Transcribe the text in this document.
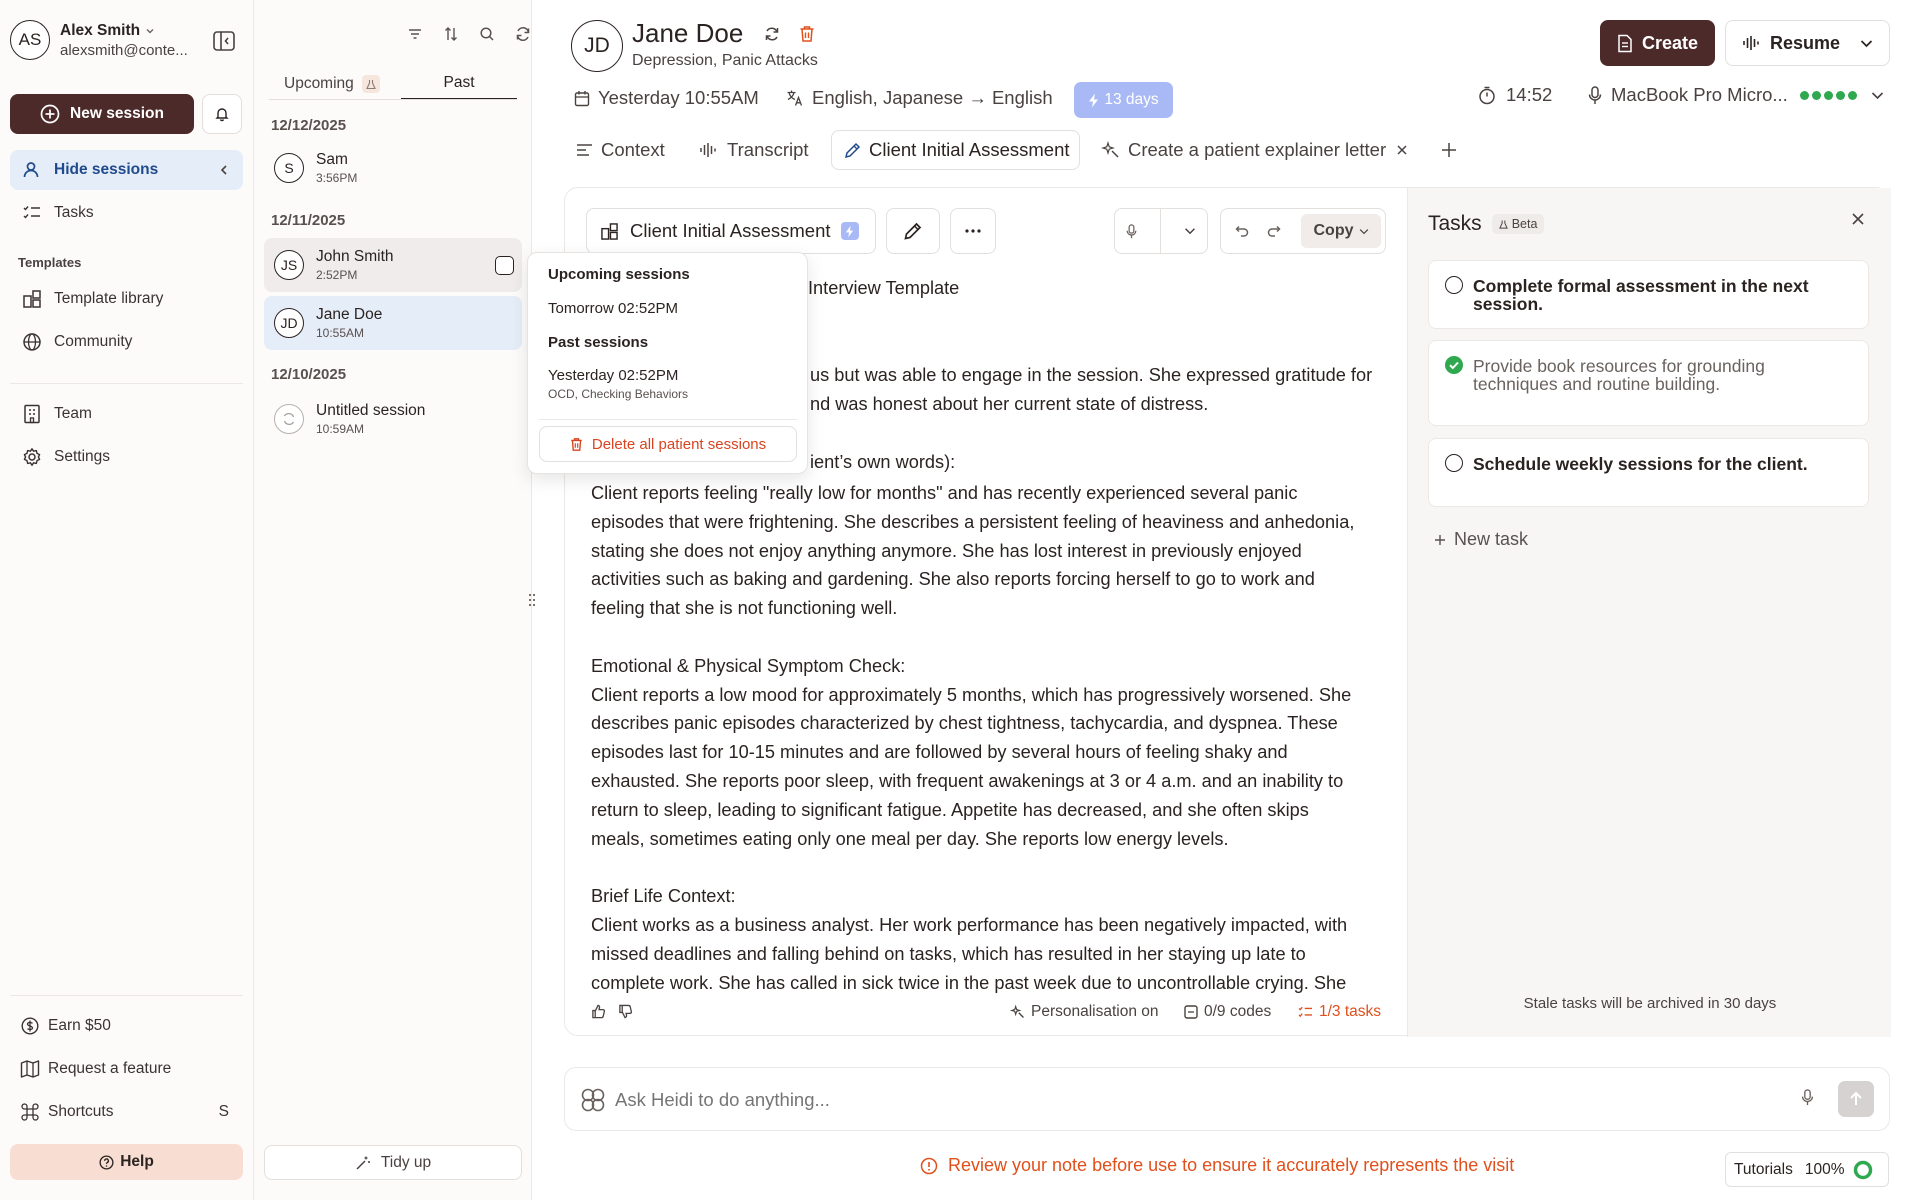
AS	Alex Smith
alexsmith@conte...
New session
Hide sessions
Tasks
Templates
Template library
Community
Team
Settings
Earn $50
Request a feature
Shortcuts	S
Help
Upcoming	Past
12/12/2025
S	Sam
3:56PM
12/11/2025
JS	John Smith
2:52PM
JD	Jane Doe
10:55AM
12/10/2025
Untitled session
10:59AM
Tidy up
JD Jane Doe
Depression, Panic Attacks
Yesterday 10:55AM	English, Japanese → English	13 days	14:52	MacBook Pro Micro...
Create	Resume
Context	Transcript	Client Initial Assessment	Create a patient explainer letter
Client Initial Assessment	Copy
Interview Template
us but was able to engage in the session. She expressed gratitude for
nd was honest about her current state of distress.
ient’s own words):
Client reports feeling "really low for months" and has recently experienced several panic
episodes that were frightening. She describes a persistent feeling of heaviness and anhedonia,
stating she does not enjoy anything anymore. She has lost interest in previously enjoyed
activities such as baking and gardening. She also reports forcing herself to go to work and
feeling that she is not functioning well.

Emotional & Physical Symptom Check:
Client reports a low mood for approximately 5 months, which has progressively worsened. She
describes panic episodes characterized by chest tightness, tachycardia, and dyspnea. These
episodes last for 10-15 minutes and are followed by several hours of feeling shaky and
exhausted. She reports poor sleep, with frequent awakenings at 3 or 4 a.m. and an inability to
return to sleep, leading to significant fatigue. Appetite has decreased, and she often skips
meals, sometimes eating only one meal per day. She reports low energy levels.

Brief Life Context:
Client works as a business analyst. Her work performance has been negatively impacted, with
missed deadlines and falling behind on tasks, which has resulted in her staying up late to
complete work. She has called in sick twice in the past week due to uncontrollable crying. She
Personalisation on	0/9 codes	1/3 tasks
Tasks Beta
Complete formal assessment in the next session.
Provide book resources for grounding techniques and routine building.
Schedule weekly sessions for the client.
New task
Stale tasks will be archived in 30 days
Upcoming sessions
Tomorrow 02:52PM
Past sessions
Yesterday 02:52PM
OCD, Checking Behaviors
Delete all patient sessions
Ask Heidi to do anything...
Review your note before use to ensure it accurately represents the visit	Tutorials 100%
